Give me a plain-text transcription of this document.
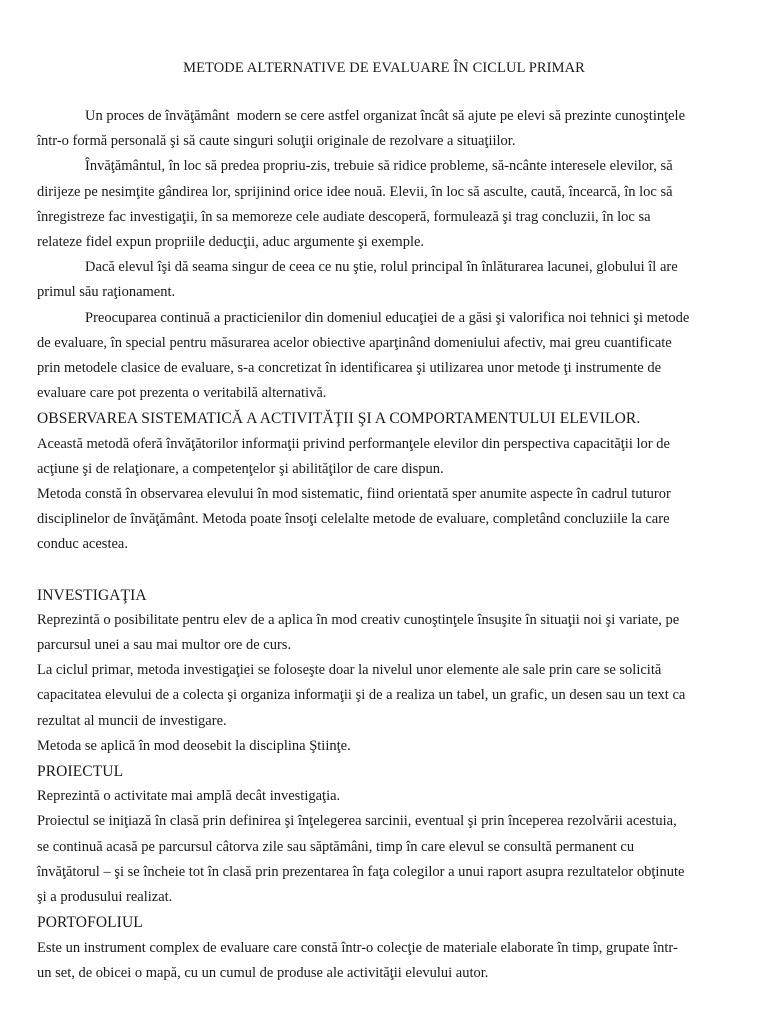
METODE ALTERNATIVE DE EVALUARE ÎN CICLUL PRIMAR
Un proces de învăţământ  modern se cere astfel organizat încât să ajute pe elevi să prezinte cunoştinţele
într-o formă personală şi să caute singuri soluţii originale de rezolvare a situaţiilor.
Învăţământul, în loc să predea propriu-zis, trebuie să ridice probleme, să-ncânte interesele elevilor, să
dirijeze pe nesimţite gândirea lor, sprijinind orice idee nouă. Elevii, în loc să asculte, caută, încearcă, în loc să
înregistreze fac investigaţii, în sa memoreze cele audiate descoperă, formulează şi trag concluzii, în loc sa
relateze fidel expun propriile deducţii, aduc argumente şi exemple.
Dacă elevul îşi dă seama singur de ceea ce nu ştie, rolul principal în înlăturarea lacunei, globului îl are
primul său raţionament.
Preocuparea continuă a practicienilor din domeniul educaţiei de a găsi şi valorifica noi tehnici şi metode
de evaluare, în special pentru măsurarea acelor obiective aparţinând domeniului afectiv, mai greu cuantificate
prin metodele clasice de evaluare, s-a concretizat în identificarea şi utilizarea unor metode ţi instrumente de
evaluare care pot prezenta o veritabilă alternativă.
OBSERVAREA SISTEMATICĂ A ACTIVITĂŢII ŞI A COMPORTAMENTULUI ELEVILOR.
Această metodă oferă învăţătorilor informaţii privind performanţele elevilor din perspectiva capacităţii lor de
acţiune şi de relaţionare, a competenţelor şi abilităţilor de care dispun.
Metoda constă în observarea elevului în mod sistematic, fiind orientată sper anumite aspecte în cadrul tuturor
disciplinelor de învăţământ. Metoda poate însoţi celelalte metode de evaluare, completând concluziile la care
conduc acestea.
INVESTIGAŢIA
Reprezintă o posibilitate pentru elev de a aplica în mod creativ cunoştinţele însuşite în situaţii noi şi variate, pe
parcursul unei a sau mai multor ore de curs.
La ciclul primar, metoda investigaţiei se foloseşte doar la nivelul unor elemente ale sale prin care se solicită
capacitatea elevului de a colecta şi organiza informaţii şi de a realiza un tabel, un grafic, un desen sau un text ca
rezultat al muncii de investigare.
Metoda se aplică în mod deosebit la disciplina Ştiinţe.
PROIECTUL
Reprezintă o activitate mai amplă decât investigaţia.
Proiectul se iniţiază în clasă prin definirea şi înţelegerea sarcinii, eventual şi prin începerea rezolvării acestuia,
se continuă acasă pe parcursul câtorva zile sau săptămâni, timp în care elevul se consultă permanent cu
învăţătorul – şi se încheie tot în clasă prin prezentarea în faţa colegilor a unui raport asupra rezultatelor obţinute
şi a produsului realizat.
PORTOFOLIUL
Este un instrument complex de evaluare care constă într-o colecţie de materiale elaborate în timp, grupate într-
un set, de obicei o mapă, cu un cumul de produse ale activităţii elevului autor.
